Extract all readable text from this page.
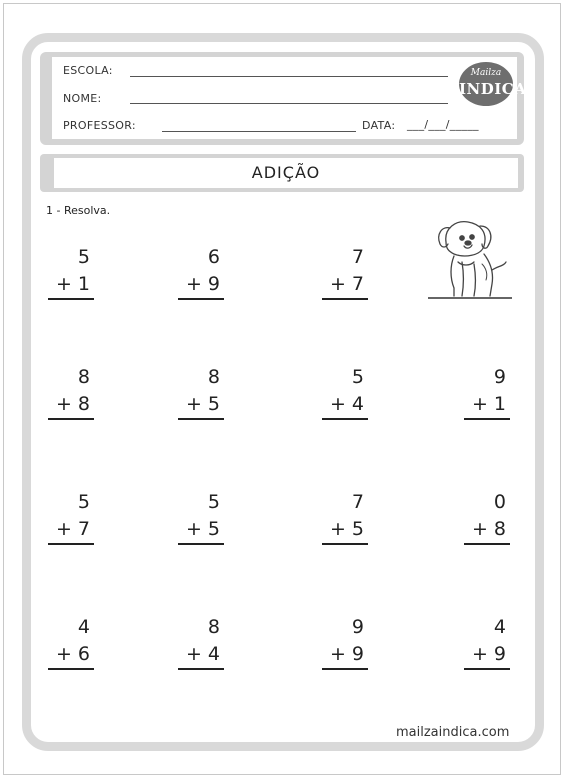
ESCOLA:
NOME:
PROFESSOR:	DATA: ___/___/_____
Mailza
INDICA
ADIÇÃO
1 - Resolva.
5
+ 1
6
+ 9
7
+ 7
8
+ 8
8
+ 5
5
+ 4
9
+ 1
5
+ 7
5
+ 5
7
+ 5
0
+ 8
4
+ 6
8
+ 4
9
+ 9
4
+ 9
mailzaindica.com
